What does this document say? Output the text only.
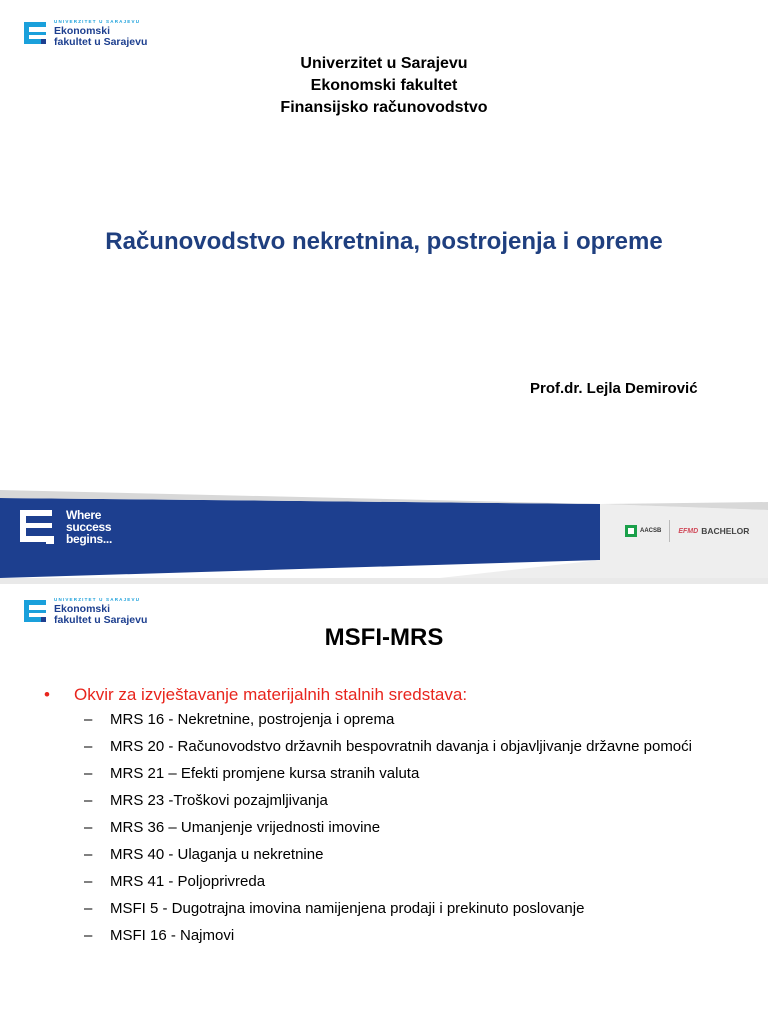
UNIVERZITET U SARAJEVU
Ekonomski
fakultet u Sarajevu
Univerzitet u Sarajevu
Ekonomski fakultet
Finansijsko računovodstvo
Računovodstvo nekretnina, postrojenja i opreme
Prof.dr. Lejla Demirović
Where
success
begins...
AACSB EFMD BACHELOR
UNIVERZITET U SARAJEVU
Ekonomski
fakultet u Sarajevu
MSFI-MRS
•	Okvir za izvještavanje materijalnih stalnih sredstava:
–	MRS 16 - Nekretnine, postrojenja i oprema
–	MRS 20 - Računovodstvo državnih bespovratnih davanja i objavljivanje državne pomoći
–	MRS 21 – Efekti promjene kursa stranih valuta
–	MRS 23 -Troškovi pozajmljivanja
–	MRS 36 – Umanjenje vrijednosti imovine
–	MRS 40 - Ulaganja u nekretnine
–	MRS 41 - Poljoprivreda
–	MSFI 5 - Dugotrajna imovina namijenjena prodaji i prekinuto poslovanje
–	MSFI 16 - Najmovi
